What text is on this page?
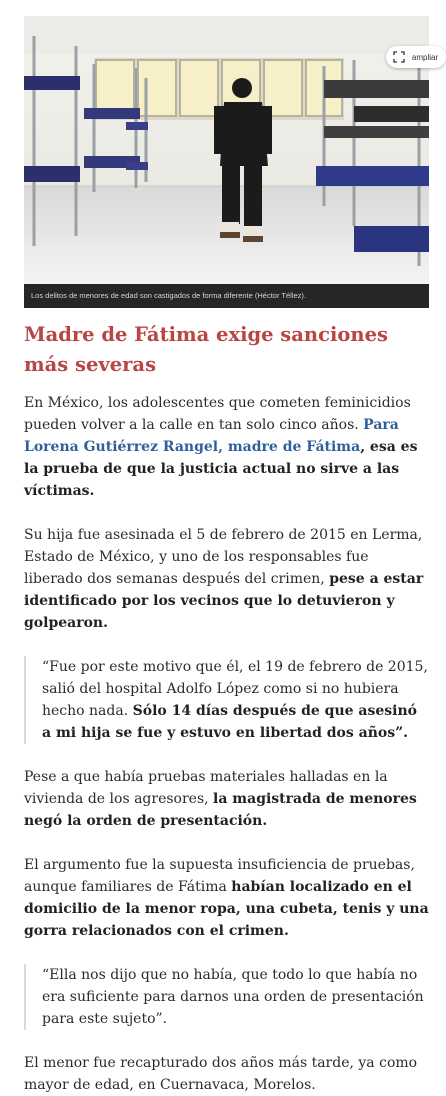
ampliar
Los delitos de menores de edad son castigados de forma diferente (Héctor Téllez).
Madre de Fátima exige sanciones más severas

En México, los adolescentes que cometen feminicidios pueden volver a la calle en tan solo cinco años. Para Lorena Gutiérrez Rangel, madre de Fátima, esa es la prueba de que la justicia actual no sirve a las víctimas.

Su hija fue asesinada el 5 de febrero de 2015 en Lerma, Estado de México, y uno de los responsables fue liberado dos semanas después del crimen, pese a estar identificado por los vecinos que lo detuvieron y golpearon.

“Fue por este motivo que él, el 19 de febrero de 2015, salió del hospital Adolfo López como si no hubiera hecho nada. Sólo 14 días después de que asesinó a mi hija se fue y estuvo en libertad dos años”.

Pese a que había pruebas materiales halladas en la vivienda de los agresores, la magistrada de menores negó la orden de presentación.

El argumento fue la supuesta insuficiencia de pruebas, aunque familiares de Fátima habían localizado en el domicilio de la menor ropa, una cubeta, tenis y una gorra relacionados con el crimen.

“Ella nos dijo que no había, que todo lo que había no era suficiente para darnos una orden de presentación para este sujeto”.

El menor fue recapturado dos años más tarde, ya como mayor de edad, en Cuernavaca, Morelos.
